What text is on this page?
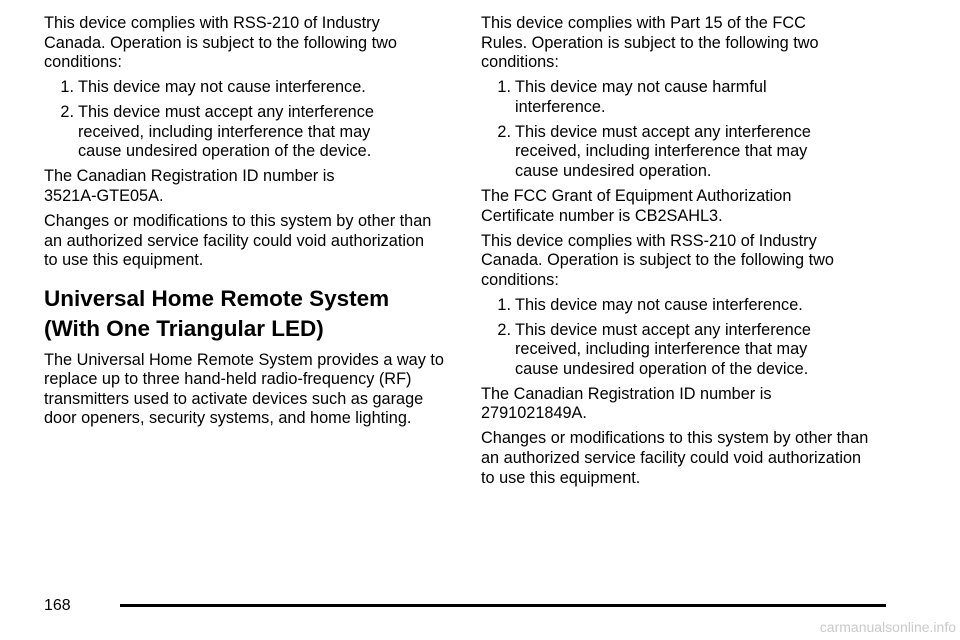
This device complies with RSS-210 of Industry Canada. Operation is subject to the following two conditions:

1. This device may not cause interference.
2. This device must accept any interference received, including interference that may cause undesired operation of the device.

The Canadian Registration ID number is 3521A-GTE05A.

Changes or modifications to this system by other than an authorized service facility could void authorization to use this equipment.

Universal Home Remote System
(With One Triangular LED)

The Universal Home Remote System provides a way to replace up to three hand-held radio-frequency (RF) transmitters used to activate devices such as garage door openers, security systems, and home lighting.

This device complies with Part 15 of the FCC Rules. Operation is subject to the following two conditions:

1. This device may not cause harmful interference.
2. This device must accept any interference received, including interference that may cause undesired operation.

The FCC Grant of Equipment Authorization Certificate number is CB2SAHL3.

This device complies with RSS-210 of Industry Canada. Operation is subject to the following two conditions:

1. This device may not cause interference.
2. This device must accept any interference received, including interference that may cause undesired operation of the device.

The Canadian Registration ID number is 2791021849A.

Changes or modifications to this system by other than an authorized service facility could void authorization to use this equipment.

168
carmanualsonline.info
